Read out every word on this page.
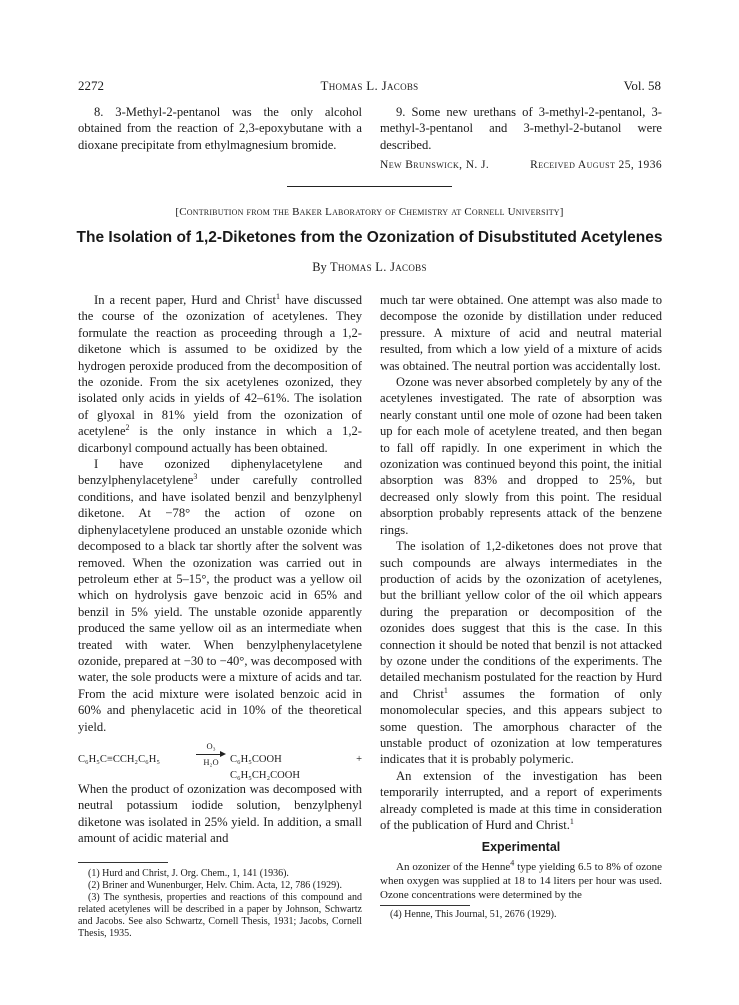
2272	Thomas L. Jacobs	Vol. 58

8. 3-Methyl-2-pentanol was the only alcohol obtained from the reaction of 2,3-epoxybutane with a dioxane precipitate from ethylmagnesium bromide.

9. Some new urethans of 3-methyl-2-pentanol, 3-methyl-3-pentanol and 3-methyl-2-butanol were described.

New Brunswick, N. J.	Received August 25, 1936
[Contribution from the Baker Laboratory of Chemistry at Cornell University]
The Isolation of 1,2-Diketones from the Ozonization of Disubstituted Acetylenes
By Thomas L. Jacobs

In a recent paper, Hurd and Christ$^1$ have discussed the course of the ozonization of acetylenes. They formulate the reaction as proceeding through a 1,2-diketone which is assumed to be oxidized by the hydrogen peroxide produced from the decomposition of the ozonide. From the six acetylenes ozonized, they isolated only acids in yields of 42–61%. The isolation of glyoxal in 81% yield from the ozonization of acetylene$^2$ is the only instance in which a 1,2-dicarbonyl compound actually has been obtained.

I have ozonized diphenylacetylene and benzylphenylacetylene$^3$ under carefully controlled conditions, and have isolated benzil and benzylphenyl diketone. At −78° the action of ozone on diphenylacetylene produced an unstable ozonide which decomposed to a black tar shortly after the solvent was removed. When the ozonization was carried out in petroleum ether at 5–15°, the product was a yellow oil which on hydrolysis gave benzoic acid in 65% and benzil in 5% yield. The unstable ozonide apparently produced the same yellow oil as an intermediate when treated with water. When benzylphenylacetylene ozonide, prepared at −30 to −40°, was decomposed with water, the sole products were a mixture of acids and tar. From the acid mixture were isolated benzoic acid in 60% and phenylacetic acid in 10% of the theoretical yield.

C₆H₅C≡CCH₂C₆H₅
O₃
H₂O	C₆H₅COOH + C₆H₅CH₂COOH

When the product of ozonization was decomposed with neutral potassium iodide solution, benzylphenyl diketone was isolated in 25% yield. In addition, a small amount of acidic material and

(1) Hurd and Christ, J. Org. Chem., 1, 141 (1936).

(2) Briner and Wunenburger, Helv. Chim. Acta, 12, 786 (1929).

(3) The synthesis, properties and reactions of this compound and related acetylenes will be described in a paper by Johnson, Schwartz and Jacobs. See also Schwartz, Cornell Thesis, 1931; Jacobs, Cornell Thesis, 1935.

much tar were obtained. One attempt was also made to decompose the ozonide by distillation under reduced pressure. A mixture of acid and neutral material resulted, from which a low yield of a mixture of acids was obtained. The neutral portion was accidentally lost.

Ozone was never absorbed completely by any of the acetylenes investigated. The rate of absorption was nearly constant until one mole of ozone had been taken up for each mole of acetylene treated, and then began to fall off rapidly. In one experiment in which the ozonization was continued beyond this point, the initial absorption was 83% and dropped to 25%, but decreased only slowly from this point. The residual absorption probably represents attack of the benzene rings.

The isolation of 1,2-diketones does not prove that such compounds are always intermediates in the production of acids by the ozonization of acetylenes, but the brilliant yellow color of the oil which appears during the preparation or decomposition of the ozonides does suggest that this is the case. In this connection it should be noted that benzil is not attacked by ozone under the conditions of the experiments. The detailed mechanism postulated for the reaction by Hurd and Christ$^1$ assumes the formation of only monomolecular species, and this appears subject to some question. The amorphous character of the unstable product of ozonization at low temperatures indicates that it is probably polymeric.

An extension of the investigation has been temporarily interrupted, and a report of experiments already completed is made at this time in consideration of the publication of Hurd and Christ.$^1$

Experimental

An ozonizer of the Henne$^4$ type yielding 6.5 to 8% of ozone when oxygen was supplied at 18 to 14 liters per hour was used. Ozone concentrations were determined by the

(4) Henne, This Journal, 51, 2676 (1929).
